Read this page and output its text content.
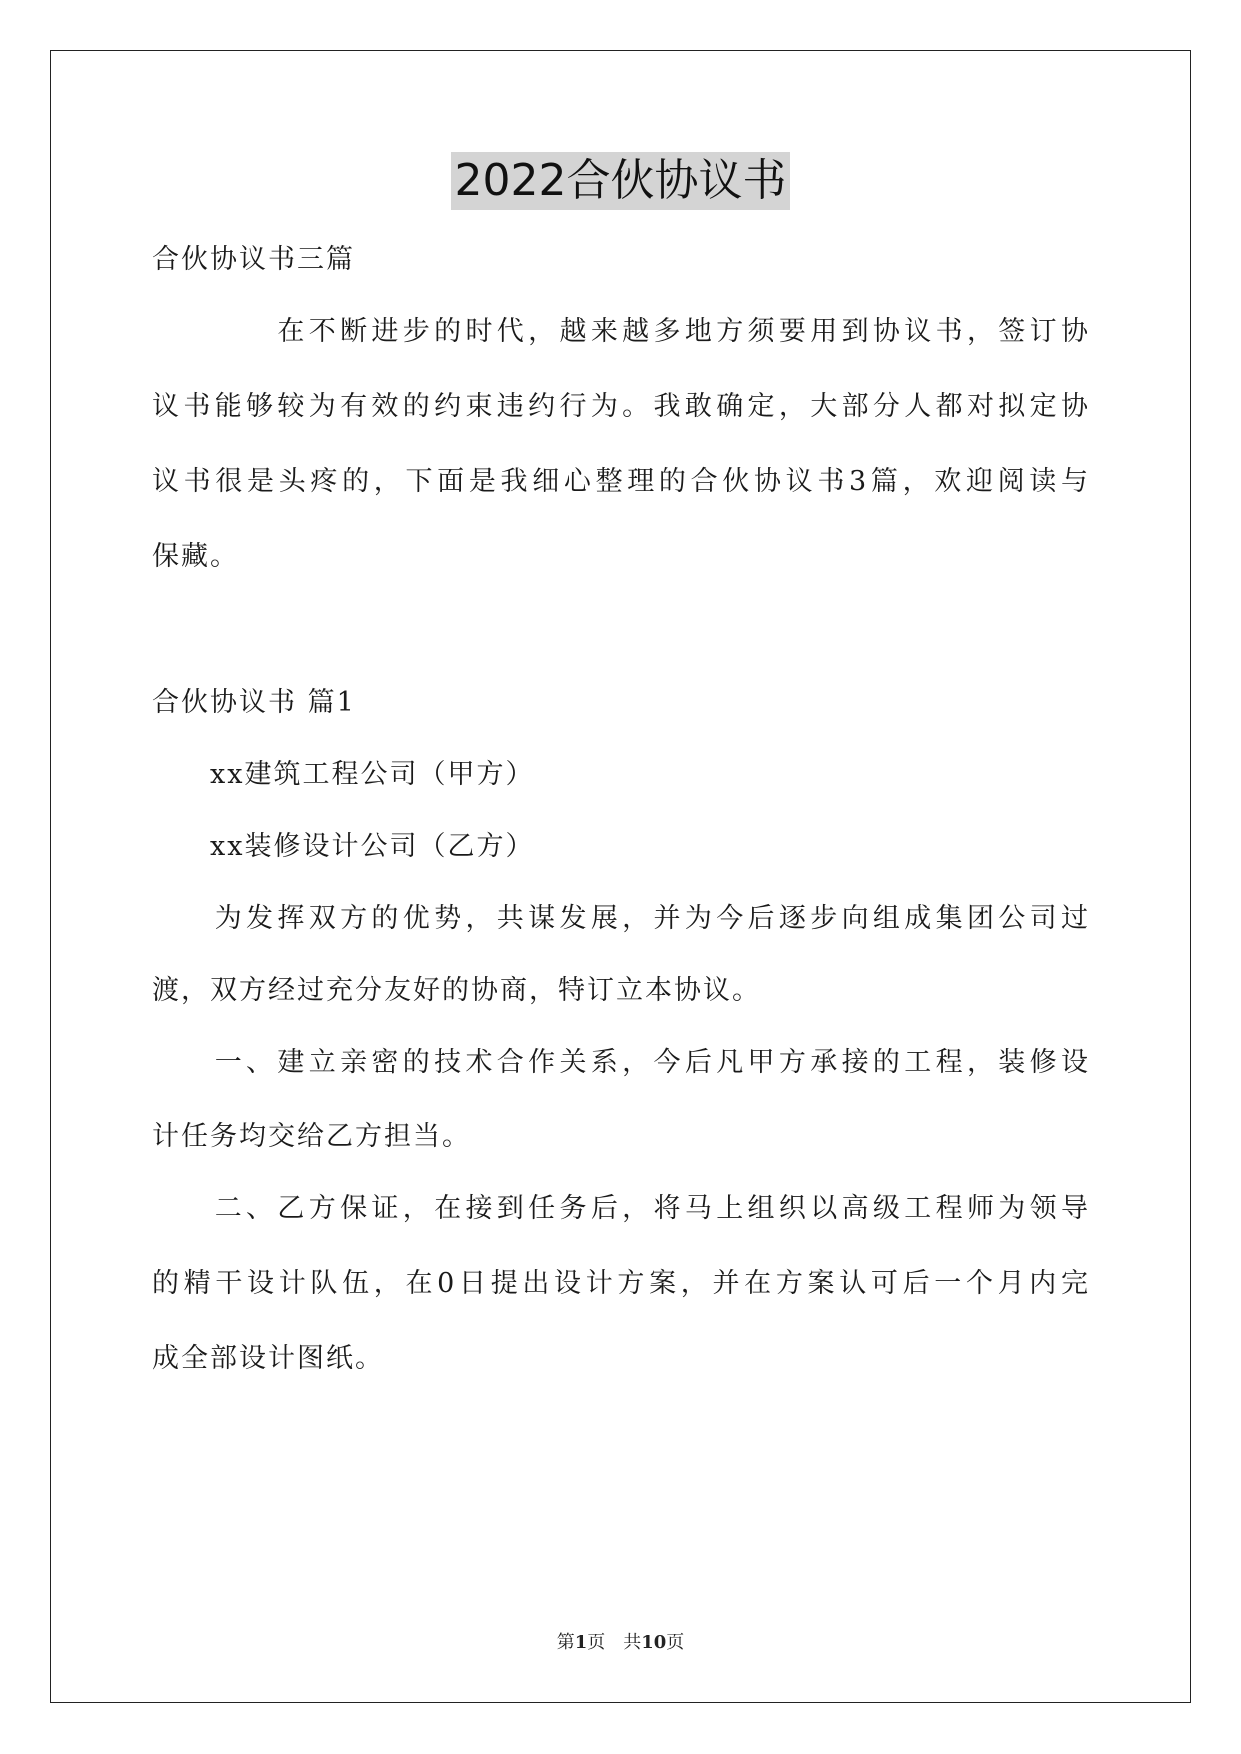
2022合伙协议书
合伙协议书三篇
　　　　在不断进步的时代，越来越多地方须要用到协议书，签订协
议书能够较为有效的约束违约行为。我敢确定，大部分人都对拟定协
议书很是头疼的，下面是我细心整理的合伙协议书3篇，欢迎阅读与
保藏。
合伙协议书 篇1
　　xx建筑工程公司（甲方）
　　xx装修设计公司（乙方）
　　为发挥双方的优势，共谋发展，并为今后逐步向组成集团公司过
渡，双方经过充分友好的协商，特订立本协议。
　　一、建立亲密的技术合作关系，今后凡甲方承接的工程，装修设
计任务均交给乙方担当。
　　二、乙方保证，在接到任务后，将马上组织以高级工程师为领导
的精干设计队伍，在0日提出设计方案，并在方案认可后一个月内完
成全部设计图纸。
第1页　共10页
